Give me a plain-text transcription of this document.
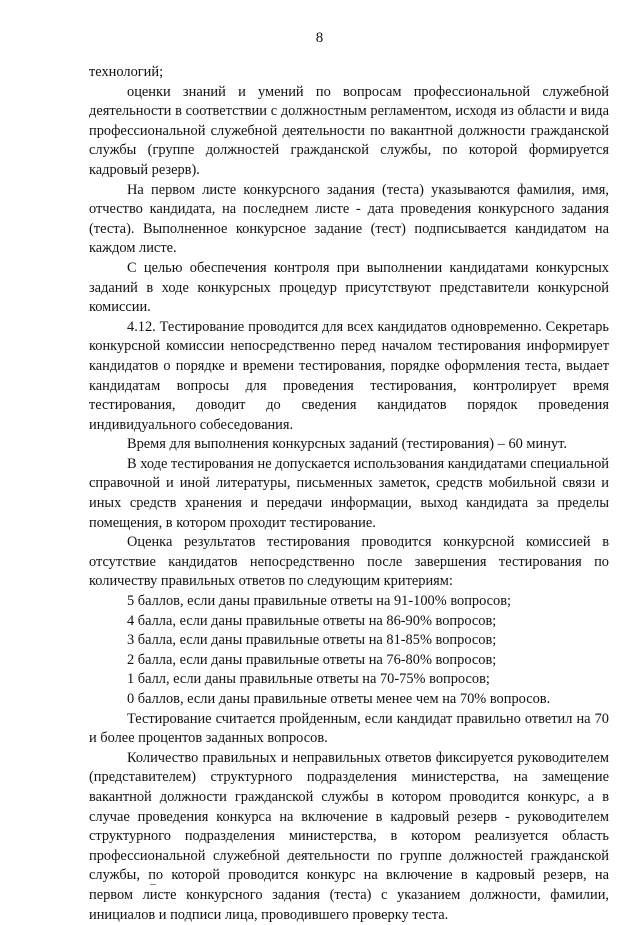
8

технологий;

оценки знаний и умений по вопросам профессиональной служебной деятельности в соответствии с должностным регламентом, исходя из области и вида профессиональной служебной деятельности по вакантной должности гражданской службы (группе должностей гражданской службы, по которой формируется кадровый резерв).

На первом листе конкурсного задания (теста) указываются фамилия, имя, отчество кандидата, на последнем листе - дата проведения конкурсного задания (теста). Выполненное конкурсное задание (тест) подписывается кандидатом на каждом листе.

С целью обеспечения контроля при выполнении кандидатами конкурсных заданий в ходе конкурсных процедур присутствуют представители конкурсной комиссии.

4.12. Тестирование проводится для всех кандидатов одновременно. Секретарь конкурсной комиссии непосредственно перед началом тестирования информирует кандидатов о порядке и времени тестирования, порядке оформления теста, выдает кандидатам вопросы для проведения тестирования, контролирует время тестирования, доводит до сведения кандидатов порядок проведения индивидуального собеседования.

Время для выполнения конкурсных заданий (тестирования) – 60 минут.

В ходе тестирования не допускается использования кандидатами специальной справочной и иной литературы, письменных заметок, средств мобильной связи и иных средств хранения и передачи информации, выход кандидата за пределы помещения, в котором проходит тестирование.

Оценка результатов тестирования проводится конкурсной комиссией в отсутствие кандидатов непосредственно после завершения тестирования по количеству правильных ответов по следующим критериям:

5 баллов, если даны правильные ответы на 91-100% вопросов;

4 балла, если даны правильные ответы на 86-90% вопросов;

3 балла, если даны правильные ответы на 81-85% вопросов;

2 балла, если даны правильные ответы на 76-80% вопросов;

1 балл, если даны правильные ответы на 70-75% вопросов;

0 баллов, если даны правильные ответы менее чем на 70% вопросов.

Тестирование считается пройденным, если кандидат правильно ответил на 70 и более процентов заданных вопросов.

Количество правильных и неправильных ответов фиксируется руководителем (представителем) структурного подразделения министерства, на замещение вакантной должности гражданской службы в котором проводится конкурс, а в случае проведения конкурса на включение в кадровый резерв - руководителем структурного подразделения министерства, в котором реализуется область профессиональной служебной деятельности по группе должностей гражданской службы, по которой проводится конкурс на включение в кадровый резерв, на первом листе конкурсного задания (теста) с указанием должности, фамилии, инициалов и подписи лица, проводившего проверку теста.
